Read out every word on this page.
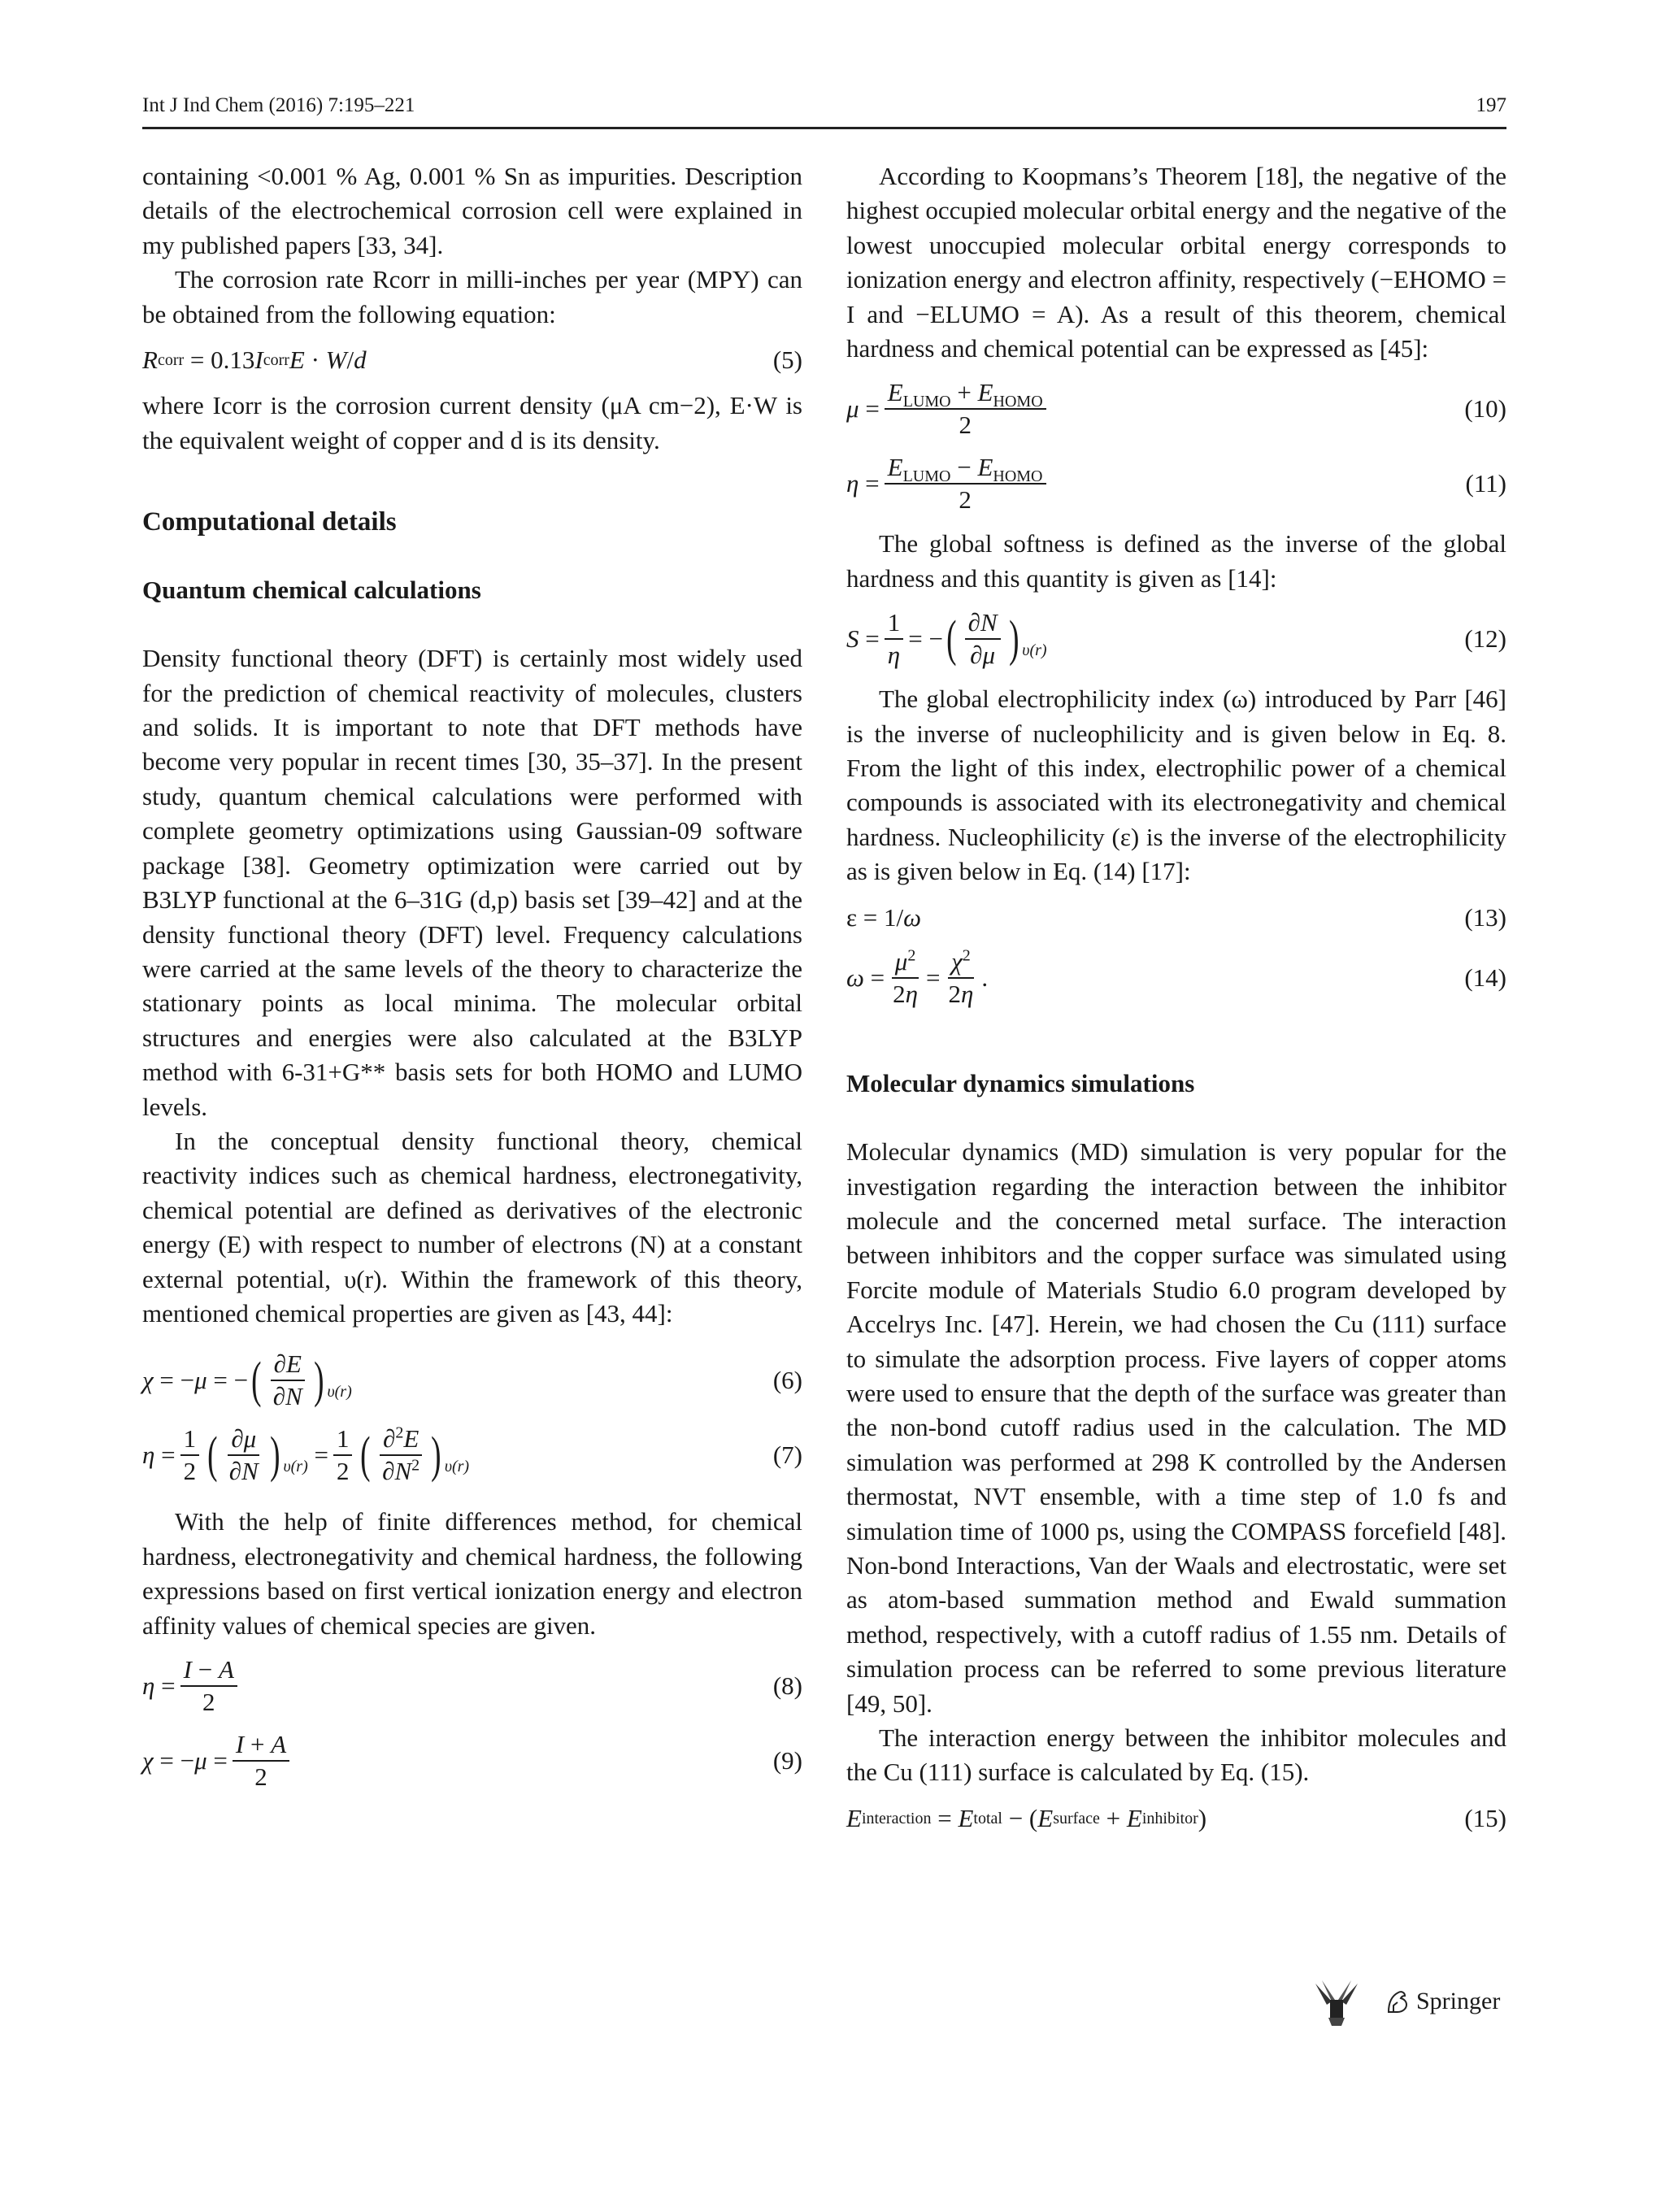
Int J Ind Chem (2016) 7:195–221	197

containing <0.001 % Ag, 0.001 % Sn as impurities. Description details of the electrochemical corrosion cell were explained in my published papers [33, 34].

The corrosion rate Rcorr in milli-inches per year (MPY) can be obtained from the following equation:

R corr = 0.13 I corr E · W / d	(5)

where Icorr is the corrosion current density (μA cm−2), E·W is the equivalent weight of copper and d is its density.

Computational details
Quantum chemical calculations

Density functional theory (DFT) is certainly most widely used for the prediction of chemical reactivity of molecules, clusters and solids. It is important to note that DFT methods have become very popular in recent times [30, 35–37]. In the present study, quantum chemical calculations were performed with complete geometry optimizations using Gaussian-09 software package [38]. Geometry optimization were carried out by B3LYP functional at the 6–31G (d,p) basis set [39–42] and at the density functional theory (DFT) level. Frequency calculations were carried at the same levels of the theory to characterize the stationary points as local minima. The molecular orbital structures and energies were also calculated at the B3LYP method with 6-31+G** basis sets for both HOMO and LUMO levels.

In the conceptual density functional theory, chemical reactivity indices such as chemical hardness, electronegativity, chemical potential are defined as derivatives of the electronic energy (E) with respect to number of electrons (N) at a constant external potential, υ(r). Within the framework of this theory, mentioned chemical properties are given as [43, 44]:

χ = − μ = − ( $\frac{\partial E}{\partial N}$ ) υ(r)	(6)
$\eta = \frac{1}{2}$ ( $\frac{\partial\mu}{\partial N}$ ) $\upsilon(r) = \frac{1}{2}$ ( $\frac{\partial^2E}{\partial N^2}$ ) υ(r)	(7)

With the help of finite differences method, for chemical hardness, electronegativity and chemical hardness, the following expressions based on first vertical ionization energy and electron affinity values of chemical species are given.

$\eta = \frac{I - A}{2}$	(8)
χ = − $\mu = \frac{I + A}{2}$	(9)

According to Koopmans’s Theorem [18], the negative of the highest occupied molecular orbital energy and the negative of the lowest unoccupied molecular orbital energy corresponds to ionization energy and electron affinity, respectively (−EHOMO = I and −ELUMO = A). As a result of this theorem, chemical hardness and chemical potential can be expressed as [45]:

$\mu = \frac{E_{LUMO} + E_{HOMO}}{2}$	(10)
$\eta = \frac{E_{LUMO} - E_{HOMO}}{2}$	(11)

The global softness is defined as the inverse of the global hardness and this quantity is given as [14]:

$S = \frac{1}{\eta}$ = − ( $\frac{\partial N}{\partial\mu}$ ) υ(r)	(12)

The global electrophilicity index (ω) introduced by Parr [46] is the inverse of nucleophilicity and is given below in Eq. 8. From the light of this index, electrophilic power of a chemical compounds is associated with its electronegativity and chemical hardness. Nucleophilicity (ε) is the inverse of the electrophilicity as is given below in Eq. (14) [17]:

ε = 1/ ω	(13)
$\omega = \frac{\mu^2}{2\eta} = \frac{\chi^2}{2\eta}$ .	(14)
Molecular dynamics simulations

Molecular dynamics (MD) simulation is very popular for the investigation regarding the interaction between the inhibitor molecule and the concerned metal surface. The interaction between inhibitors and the copper surface was simulated using Forcite module of Materials Studio 6.0 program developed by Accelrys Inc. [47]. Herein, we had chosen the Cu (111) surface to simulate the adsorption process. Five layers of copper atoms were used to ensure that the depth of the surface was greater than the non-bond cutoff radius used in the calculation. The MD simulation was performed at 298 K controlled by the Andersen thermostat, NVT ensemble, with a time step of 1.0 fs and simulation time of 1000 ps, using the COMPASS forcefield [48]. Non-bond Interactions, Van der Waals and electrostatic, were set as atom-based summation method and Ewald summation method, respectively, with a cutoff radius of 1.55 nm. Details of simulation process can be referred to some previous literature [49, 50].

The interaction energy between the inhibitor molecules and the Cu (111) surface is calculated by Eq. (15).

E interaction = E total − ( E surface + E inhibitor )	(15)
Springer
